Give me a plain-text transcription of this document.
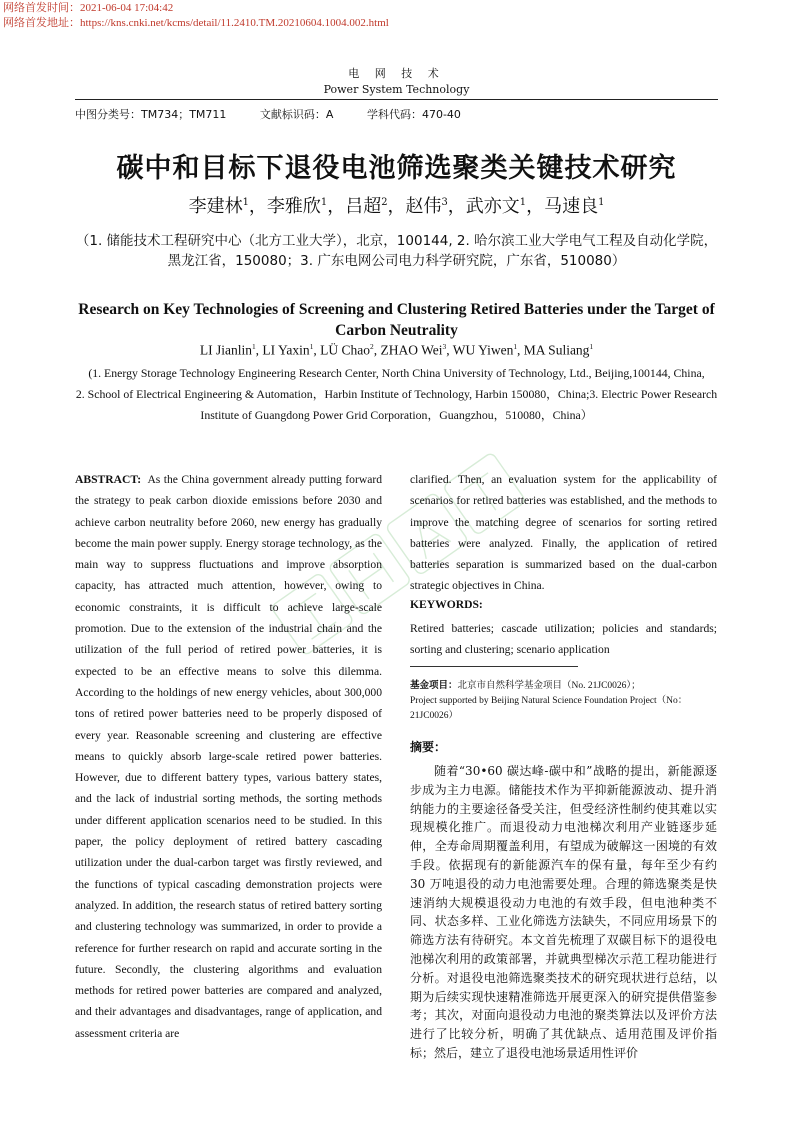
网络首发时间：2021-06-04 17:04:42
网络首发地址：https://kns.cnki.net/kcms/detail/11.2410.TM.20210604.1004.002.html
电 网 技 术
Power System Technology
中图分类号：TM734；TM711	文献标识码：A	学科代码：470-40
碳中和目标下退役电池筛选聚类关键技术研究
李建林$^1$，李雅欣$^1$，吕超$^2$，赵伟$^3$，武亦文$^1$，马速良$^1$
（1. 储能技术工程研究中心（北方工业大学），北京，100144, 2. 哈尔滨工业大学电气工程及自动化学院，
黑龙江省，150080；3. 广东电网公司电力科学研究院，广东省，510080）
Research on Key Technologies of Screening and Clustering Retired Batteries under the Target of Carbon Neutrality
LI Jianlin$^1$, LI Yaxin$^1$, LÜ Chao$^2$, ZHAO Wei$^3$, WU Yiwen$^1$, MA Suliang$^1$
(1. Energy Storage Technology Engineering Research Center, North China University of Technology, Ltd., Beijing,100144, China,
2. School of Electrical Engineering & Automation，Harbin Institute of Technology, Harbin 150080，China;3. Electric Power Research
Institute of Guangdong Power Grid Corporation，Guangzhou，510080，China）
ABSTRACT: As the China government already putting forward the strategy to peak carbon dioxide emissions before 2030 and achieve carbon neutrality before 2060, new energy has gradually become the main power supply. Energy storage technology, as the main way to suppress fluctuations and improve absorption capacity, has attracted much attention, however, owing to economic constraints, it is difficult to achieve large-scale promotion. Due to the extension of the industrial chain and the utilization of the full period of retired power batteries, it is expected to be an effective means to solve this dilemma. According to the holdings of new energy vehicles, about 300,000 tons of retired power batteries need to be properly disposed of every year. Reasonable screening and clustering are effective means to quickly absorb large-scale retired power batteries. However, due to different battery types, various battery states, and the lack of industrial sorting methods, the sorting methods under different application scenarios need to be studied. In this paper, the policy deployment of retired battery cascading utilization under the dual-carbon target was firstly reviewed, and the functions of typical cascading demonstration projects were analyzed. In addition, the research status of retired battery sorting and clustering technology was summarized, in order to provide a reference for further research on rapid and accurate sorting in the future. Secondly, the clustering algorithms and evaluation methods for retired power batteries are compared and analyzed, and their advantages and disadvantages, range of application, and assessment criteria are
clarified. Then, an evaluation system for the applicability of scenarios for retired batteries was established, and the methods to improve the matching degree of scenarios for sorting retired batteries were analyzed. Finally, the application of retired batteries separation is summarized based on the dual-carbon strategic objectives in China.
KEYWORDS:
Retired batteries; cascade utilization; policies and standards; sorting and clustering; scenario application
基金项目：北京市自然科学基金项目（No. 21JC0026）；
Project supported by Beijing Natural Science Foundation Project（No：21JC0026）
摘要：
随着“30•60 碳达峰-碳中和”战略的提出，新能源逐步成为主力电源。储能技术作为平抑新能源波动、提升消纳能力的主要途径备受关注，但受经济性制约使其难以实现规模化推广。而退役动力电池梯次利用产业链逐步延伸，全寿命周期覆盖利用，有望成为破解这一困境的有效手段。依据现有的新能源汽车的保有量，每年至少有约 30 万吨退役的动力电池需要处理。合理的筛选聚类是快速消纳大规模退役动力电池的有效手段，但电池种类不同、状态多样、工业化筛选方法缺失，不同应用场景下的筛选方法有待研究。本文首先梳理了双碳目标下的退役电池梯次利用的政策部署，并就典型梯次示范工程功能进行分析。对退役电池筛选聚类技术的研究现状进行总结，以期为后续实现快速精准筛选开展更深入的研究提供借鉴参考；其次，对面向退役动力电池的聚类算法以及评价方法进行了比较分析，明确了其优缺点、适用范围及评价指标；然后，建立了退役电池场景适用性评价
